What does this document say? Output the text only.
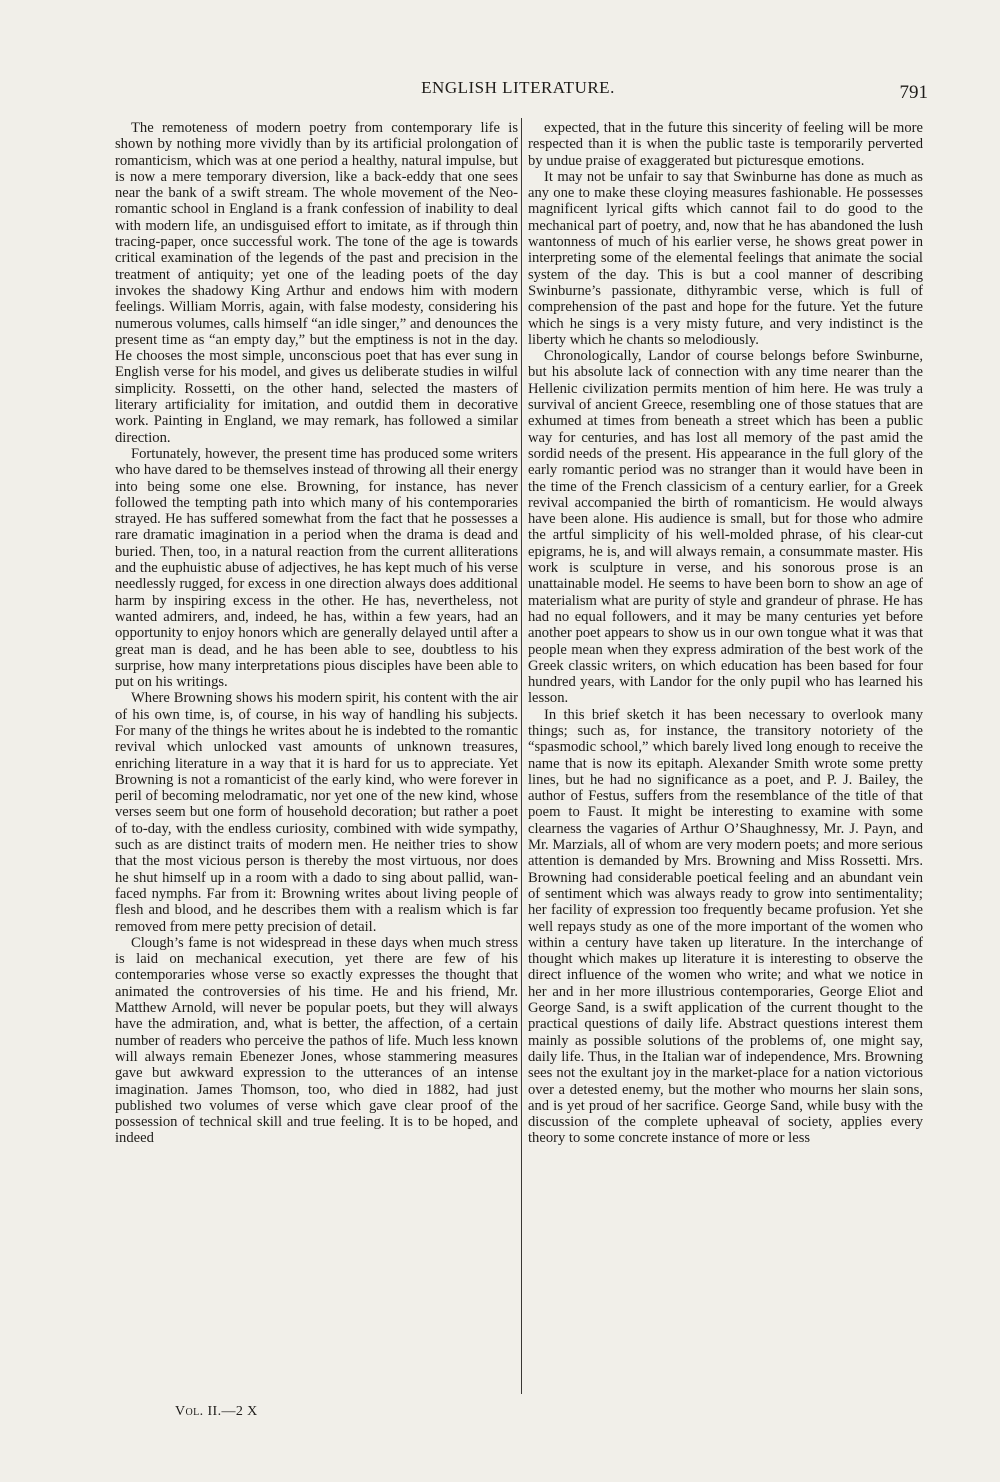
ENGLISH LITERATURE.	791

The remoteness of modern poetry from contemporary life is shown by nothing more vividly than by its artificial prolongation of romanticism, which was at one period a healthy, natural impulse, but is now a mere temporary diversion, like a back-eddy that one sees near the bank of a swift stream. The whole movement of the Neo-romantic school in England is a frank confession of inability to deal with modern life, an undisguised effort to imitate, as if through thin tracing-paper, once successful work. The tone of the age is towards critical examination of the legends of the past and precision in the treatment of antiquity; yet one of the leading poets of the day invokes the shadowy King Arthur and endows him with modern feelings. William Morris, again, with false modesty, considering his numerous volumes, calls himself “an idle singer,” and denounces the present time as “an empty day,” but the emptiness is not in the day. He chooses the most simple, unconscious poet that has ever sung in English verse for his model, and gives us deliberate studies in wilful simplicity. Rossetti, on the other hand, selected the masters of literary artificiality for imitation, and outdid them in decorative work. Painting in England, we may remark, has followed a similar direction.

Fortunately, however, the present time has produced some writers who have dared to be themselves instead of throwing all their energy into being some one else. Browning, for instance, has never followed the tempting path into which many of his contemporaries strayed. He has suffered somewhat from the fact that he possesses a rare dramatic imagination in a period when the drama is dead and buried. Then, too, in a natural reaction from the current alliterations and the euphuistic abuse of adjectives, he has kept much of his verse needlessly rugged, for excess in one direction always does additional harm by inspiring excess in the other. He has, nevertheless, not wanted admirers, and, indeed, he has, within a few years, had an opportunity to enjoy honors which are generally delayed until after a great man is dead, and he has been able to see, doubtless to his surprise, how many interpretations pious disciples have been able to put on his writings.

Where Browning shows his modern spirit, his content with the air of his own time, is, of course, in his way of handling his subjects. For many of the things he writes about he is indebted to the romantic revival which unlocked vast amounts of unknown treasures, enriching literature in a way that it is hard for us to appreciate. Yet Browning is not a romanticist of the early kind, who were forever in peril of becoming melodramatic, nor yet one of the new kind, whose verses seem but one form of household decoration; but rather a poet of to-day, with the endless curiosity, combined with wide sympathy, such as are distinct traits of modern men. He neither tries to show that the most vicious person is thereby the most virtuous, nor does he shut himself up in a room with a dado to sing about pallid, wan-faced nymphs. Far from it: Browning writes about living people of flesh and blood, and he describes them with a realism which is far removed from mere petty precision of detail.

Clough’s fame is not widespread in these days when much stress is laid on mechanical execution, yet there are few of his contemporaries whose verse so exactly expresses the thought that animated the controversies of his time. He and his friend, Mr. Matthew Arnold, will never be popular poets, but they will always have the admiration, and, what is better, the affection, of a certain number of readers who perceive the pathos of life. Much less known will always remain Ebenezer Jones, whose stammering measures gave but awkward expression to the utterances of an intense imagination. James Thomson, too, who died in 1882, had just published two volumes of verse which gave clear proof of the possession of technical skill and true feeling. It is to be hoped, and indeed

expected, that in the future this sincerity of feeling will be more respected than it is when the public taste is temporarily perverted by undue praise of exaggerated but picturesque emotions.

It may not be unfair to say that Swinburne has done as much as any one to make these cloying measures fashionable. He possesses magnificent lyrical gifts which cannot fail to do good to the mechanical part of poetry, and, now that he has abandoned the lush wantonness of much of his earlier verse, he shows great power in interpreting some of the elemental feelings that animate the social system of the day. This is but a cool manner of describing Swinburne’s passionate, dithyrambic verse, which is full of comprehension of the past and hope for the future. Yet the future which he sings is a very misty future, and very indistinct is the liberty which he chants so melodiously.

Chronologically, Landor of course belongs before Swinburne, but his absolute lack of connection with any time nearer than the Hellenic civilization permits mention of him here. He was truly a survival of ancient Greece, resembling one of those statues that are exhumed at times from beneath a street which has been a public way for centuries, and has lost all memory of the past amid the sordid needs of the present. His appearance in the full glory of the early romantic period was no stranger than it would have been in the time of the French classicism of a century earlier, for a Greek revival accompanied the birth of romanticism. He would always have been alone. His audience is small, but for those who admire the artful simplicity of his well-molded phrase, of his clear-cut epigrams, he is, and will always remain, a consummate master. His work is sculpture in verse, and his sonorous prose is an unattainable model. He seems to have been born to show an age of materialism what are purity of style and grandeur of phrase. He has had no equal followers, and it may be many centuries yet before another poet appears to show us in our own tongue what it was that people mean when they express admiration of the best work of the Greek classic writers, on which education has been based for four hundred years, with Landor for the only pupil who has learned his lesson.

In this brief sketch it has been necessary to overlook many things; such as, for instance, the transitory notoriety of the “spasmodic school,” which barely lived long enough to receive the name that is now its epitaph. Alexander Smith wrote some pretty lines, but he had no significance as a poet, and P. J. Bailey, the author of Festus, suffers from the resemblance of the title of that poem to Faust. It might be interesting to examine with some clearness the vagaries of Arthur O’Shaughnessy, Mr. J. Payn, and Mr. Marzials, all of whom are very modern poets; and more serious attention is demanded by Mrs. Browning and Miss Rossetti. Mrs. Browning had considerable poetical feeling and an abundant vein of sentiment which was always ready to grow into sentimentality; her facility of expression too frequently became profusion. Yet she well repays study as one of the more important of the women who within a century have taken up literature. In the interchange of thought which makes up literature it is interesting to observe the direct influence of the women who write; and what we notice in her and in her more illustrious contemporaries, George Eliot and George Sand, is a swift application of the current thought to the practical questions of daily life. Abstract questions interest them mainly as possible solutions of the problems of, one might say, daily life. Thus, in the Italian war of independence, Mrs. Browning sees not the exultant joy in the market-place for a nation victorious over a detested enemy, but the mother who mourns her slain sons, and is yet proud of her sacrifice. George Sand, while busy with the discussion of the complete upheaval of society, applies every theory to some concrete instance of more or less

Vol. II.—2 X
